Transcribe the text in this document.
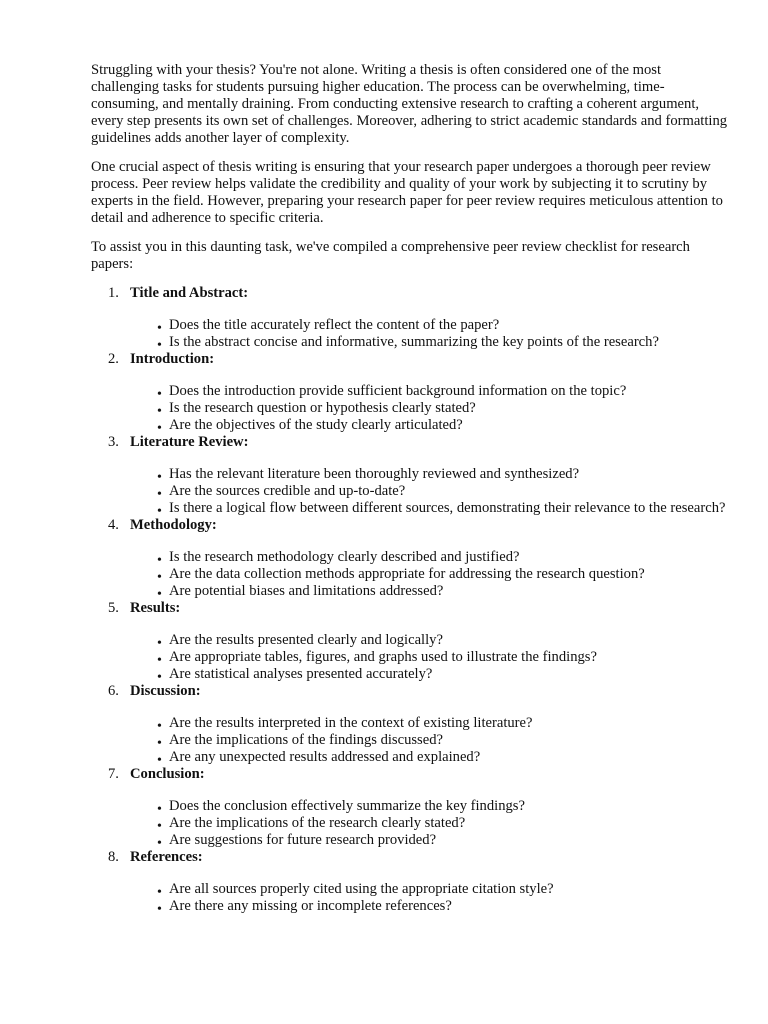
Struggling with your thesis? You're not alone. Writing a thesis is often considered one of the most challenging tasks for students pursuing higher education. The process can be overwhelming, time-consuming, and mentally draining. From conducting extensive research to crafting a coherent argument, every step presents its own set of challenges. Moreover, adhering to strict academic standards and formatting guidelines adds another layer of complexity.

One crucial aspect of thesis writing is ensuring that your research paper undergoes a thorough peer review process. Peer review helps validate the credibility and quality of your work by subjecting it to scrutiny by experts in the field. However, preparing your research paper for peer review requires meticulous attention to detail and adherence to specific criteria.

To assist you in this daunting task, we've compiled a comprehensive peer review checklist for research papers:

1. Title and Abstract:
• Does the title accurately reflect the content of the paper?
• Is the abstract concise and informative, summarizing the key points of the research?
2. Introduction:
• Does the introduction provide sufficient background information on the topic?
• Is the research question or hypothesis clearly stated?
• Are the objectives of the study clearly articulated?
3. Literature Review:
• Has the relevant literature been thoroughly reviewed and synthesized?
• Are the sources credible and up-to-date?
• Is there a logical flow between different sources, demonstrating their relevance to the research?
4. Methodology:
• Is the research methodology clearly described and justified?
• Are the data collection methods appropriate for addressing the research question?
• Are potential biases and limitations addressed?
5. Results:
• Are the results presented clearly and logically?
• Are appropriate tables, figures, and graphs used to illustrate the findings?
• Are statistical analyses presented accurately?
6. Discussion:
• Are the results interpreted in the context of existing literature?
• Are the implications of the findings discussed?
• Are any unexpected results addressed and explained?
7. Conclusion:
• Does the conclusion effectively summarize the key findings?
• Are the implications of the research clearly stated?
• Are suggestions for future research provided?
8. References:
• Are all sources properly cited using the appropriate citation style?
• Are there any missing or incomplete references?
